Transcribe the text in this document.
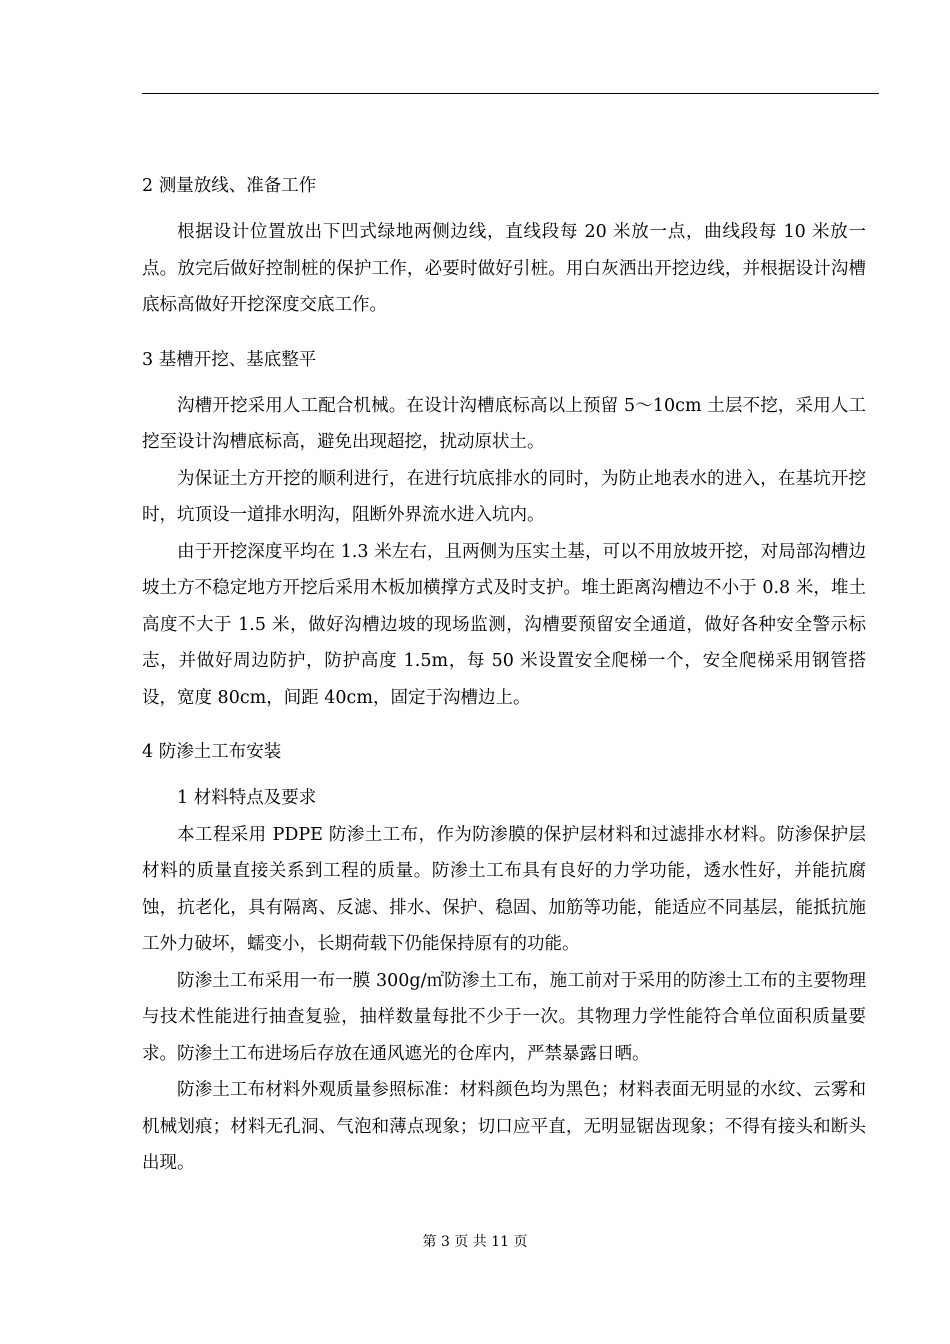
2 测量放线、准备工作

根据设计位置放出下凹式绿地两侧边线，直线段每 20 米放一点，曲线段每 10 米放一点。放完后做好控制桩的保护工作，必要时做好引桩。用白灰洒出开挖边线，并根据设计沟槽底标高做好开挖深度交底工作。

3 基槽开挖、基底整平

沟槽开挖采用人工配合机械。在设计沟槽底标高以上预留 5～10cm 土层不挖，采用人工挖至设计沟槽底标高，避免出现超挖，扰动原状土。

为保证土方开挖的顺利进行，在进行坑底排水的同时，为防止地表水的进入，在基坑开挖时，坑顶设一道排水明沟，阻断外界流水进入坑内。

由于开挖深度平均在 1.3 米左右，且两侧为压实土基，可以不用放坡开挖，对局部沟槽边坡土方不稳定地方开挖后采用木板加横撑方式及时支护。堆土距离沟槽边不小于 0.8 米，堆土高度不大于 1.5 米，做好沟槽边坡的现场监测，沟槽要预留安全通道，做好各种安全警示标志，并做好周边防护，防护高度 1.5m，每 50 米设置安全爬梯一个，安全爬梯采用钢管搭设，宽度 80cm，间距 40cm，固定于沟槽边上。

4 防渗土工布安装

1 材料特点及要求

本工程采用 PDPE 防渗土工布，作为防渗膜的保护层材料和过滤排水材料。防渗保护层材料的质量直接关系到工程的质量。防渗土工布具有良好的力学功能，透水性好，并能抗腐蚀，抗老化，具有隔离、反滤、排水、保护、稳固、加筋等功能，能适应不同基层，能抵抗施工外力破坏，蠕变小，长期荷载下仍能保持原有的功能。

防渗土工布采用一布一膜 300g/㎡防渗土工布，施工前对于采用的防渗土工布的主要物理与技术性能进行抽查复验，抽样数量每批不少于一次。其物理力学性能符合单位面积质量要求。防渗土工布进场后存放在通风遮光的仓库内，严禁暴露日晒。

防渗土工布材料外观质量参照标准：材料颜色均为黑色；材料表面无明显的水纹、云雾和机械划痕；材料无孔洞、气泡和薄点现象；切口应平直，无明显锯齿现象；不得有接头和断头出现。

第 3 页 共 11 页
